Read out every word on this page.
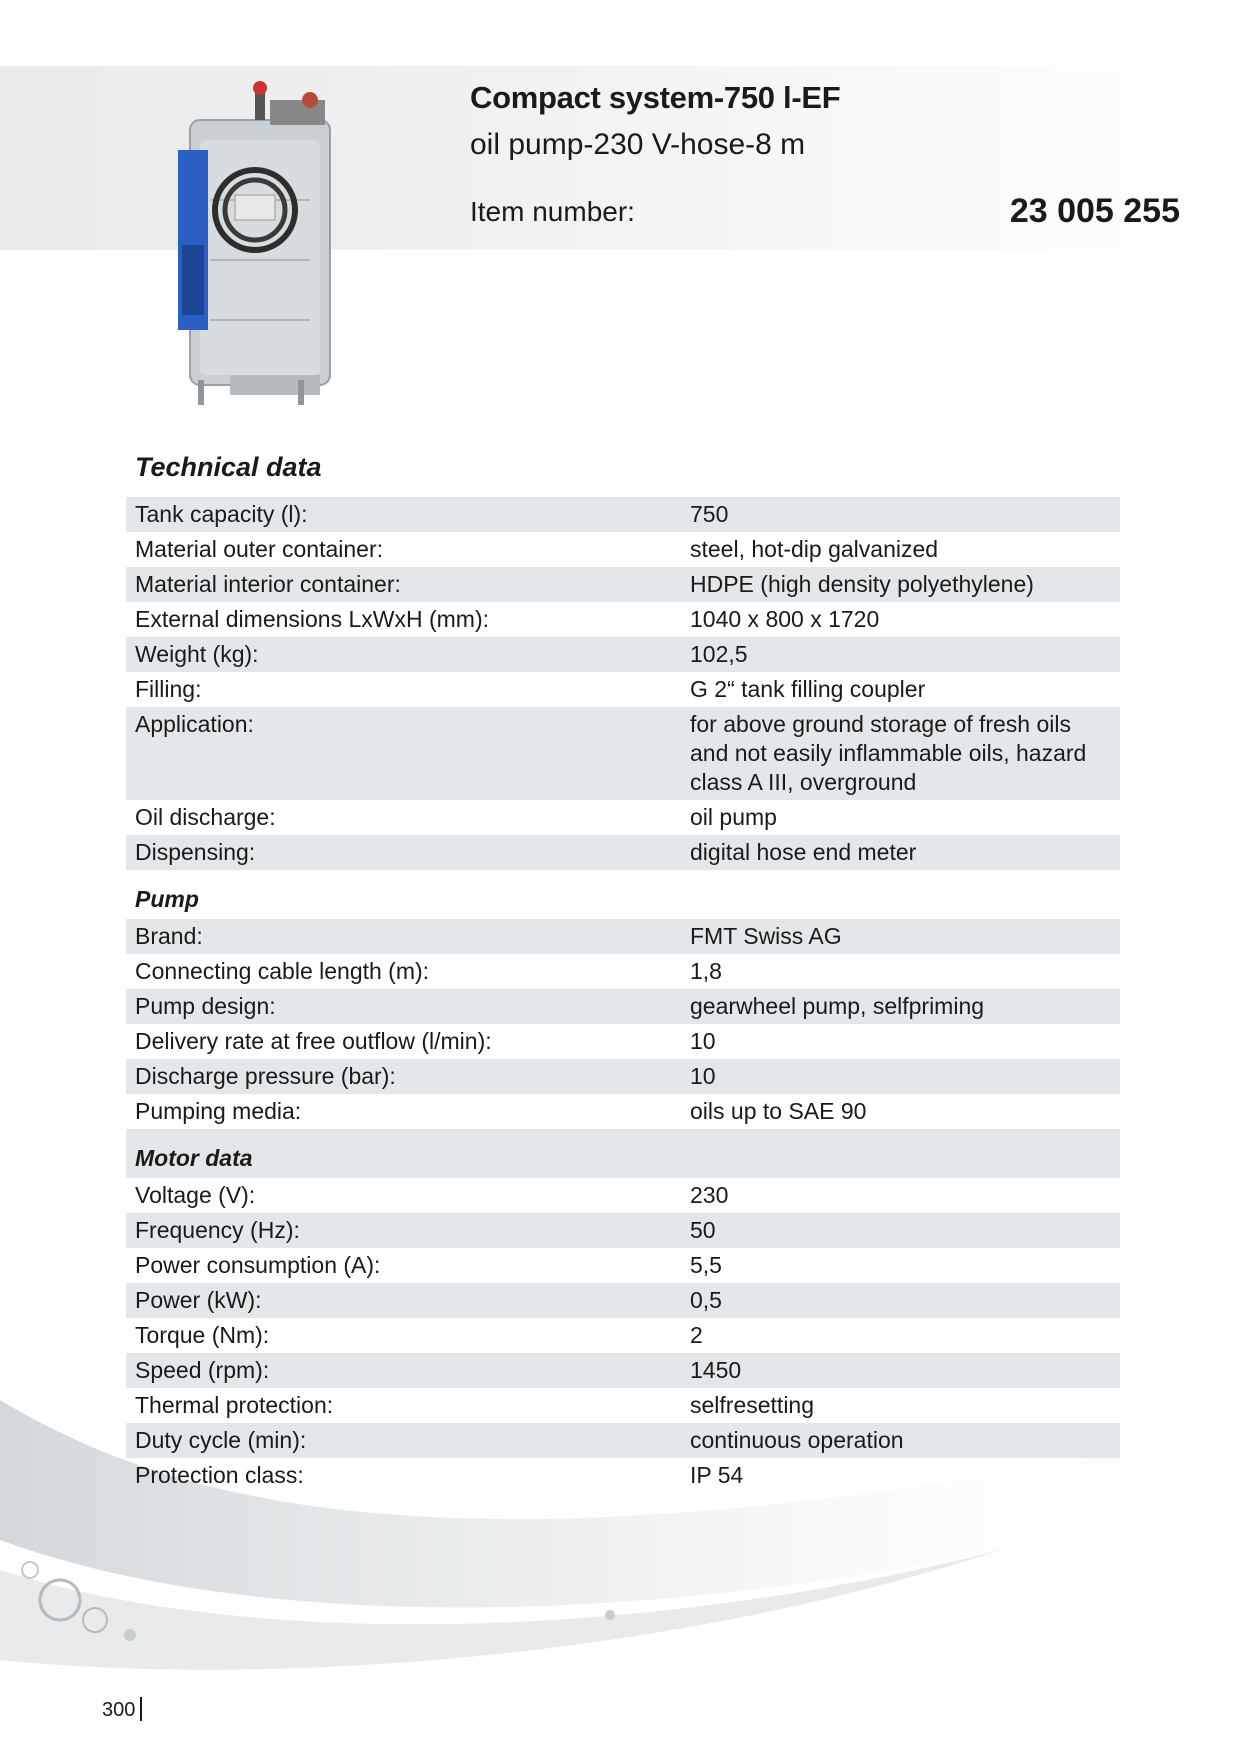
Compact system-750 l-EF
oil pump-230 V-hose-8 m
Item number:	23 005 255
Technical data
Tank capacity (l):	750
Material outer container:	steel, hot-dip galvanized
Material interior container:	HDPE (high density polyethylene)
External dimensions LxWxH (mm):	1040 x 800 x 1720
Weight (kg):	102,5
Filling:	G 2“ tank filling coupler
Application:	for above ground storage of fresh oils and not easily inflammable oils, hazard class A III, overground
Oil discharge:	oil pump
Dispensing:	digital hose end meter
Pump
Brand:	FMT Swiss AG
Connecting cable length (m):	1,8
Pump design:	gearwheel pump, selfpriming
Delivery rate at free outflow (l/min):	10
Discharge pressure (bar):	10
Pumping media:	oils up to SAE 90
Motor data
Voltage (V):	230
Frequency (Hz):	50
Power consumption (A):	5,5
Power (kW):	0,5
Torque (Nm):	2
Speed (rpm):	1450
Thermal protection:	selfresetting
Duty cycle (min):	continuous operation
Protection class:	IP 54
300
